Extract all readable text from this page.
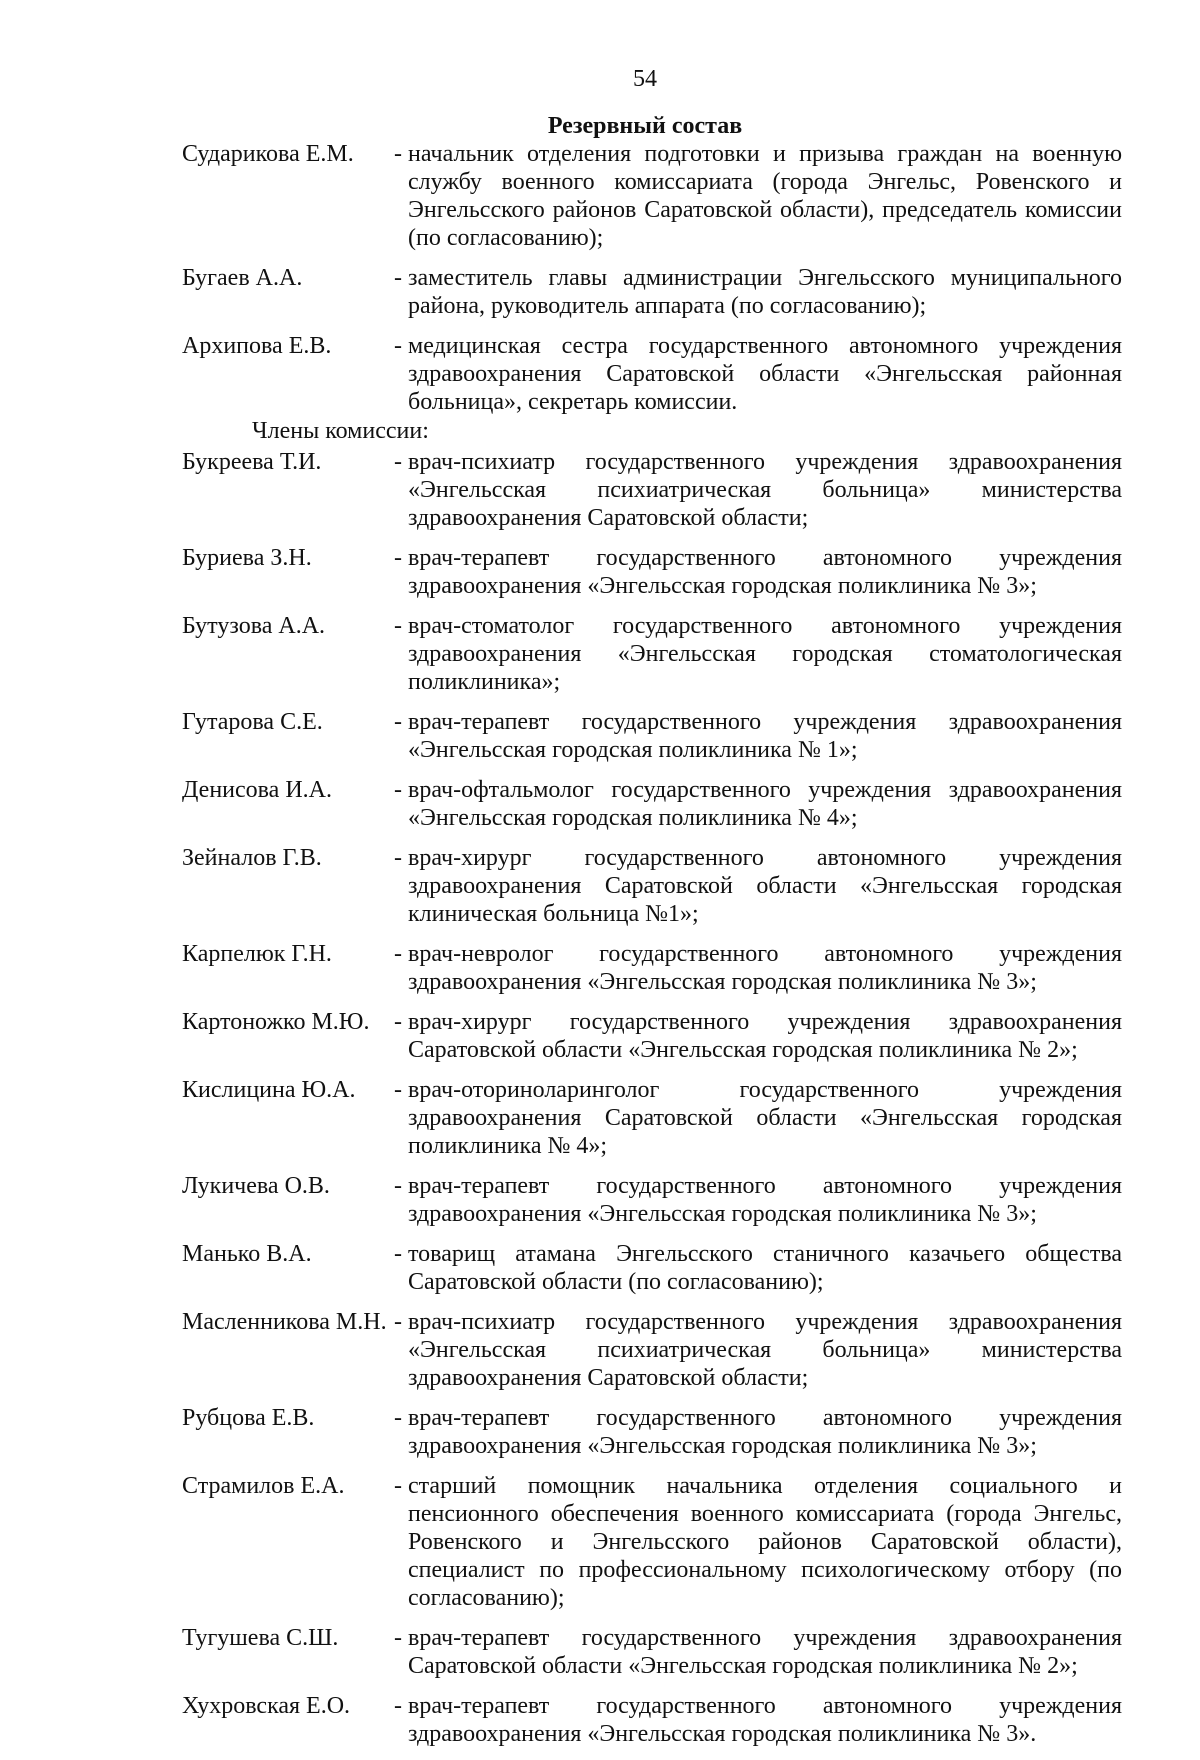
54
Резервный состав
Сударикова Е.М.	- начальник отделения подготовки и призыва граждан на военную службу военного комиссариата (города Энгельс, Ровенского и Энгельсского районов Саратовской области), председатель комиссии (по согласованию);
Бугаев А.А.	- заместитель главы администрации Энгельсского муниципального района, руководитель аппарата (по согласованию);
Архипова Е.В.	- медицинская сестра государственного автономного учреждения здравоохранения Саратовской области «Энгельсская районная больница», секретарь комиссии.
Члены комиссии:
Букреева Т.И.	- врач-психиатр государственного учреждения здравоохранения «Энгельсская психиатрическая больница» министерства здравоохранения Саратовской области;
Буриева З.Н.	- врач-терапевт государственного автономного учреждения здравоохранения «Энгельсская городская поликлиника № 3»;
Бутузова А.А.	- врач-стоматолог государственного автономного учреждения здравоохранения «Энгельсская городская стоматологическая поликлиника»;
Гутарова С.Е.	- врач-терапевт государственного учреждения здравоохранения «Энгельсская городская поликлиника № 1»;
Денисова И.А.	- врач-офтальмолог государственного учреждения здравоохранения «Энгельсская городская поликлиника № 4»;
Зейналов Г.В.	- врач-хирург государственного автономного учреждения здравоохранения Саратовской области «Энгельсская городская клиническая больница №1»;
Карпелюк Г.Н.	- врач-невролог государственного автономного учреждения здравоохранения «Энгельсская городская поликлиника № 3»;
Картоножко М.Ю.	- врач-хирург государственного учреждения здравоохранения Саратовской области «Энгельсская городская поликлиника № 2»;
Кислицина Ю.А.	- врач-оториноларинголог государственного учреждения здравоохранения Саратовской области «Энгельсская городская поликлиника № 4»;
Лукичева О.В.	- врач-терапевт государственного автономного учреждения здравоохранения «Энгельсская городская поликлиника № 3»;
Манько В.А.	- товарищ атамана Энгельсского станичного казачьего общества Саратовской области (по согласованию);
Масленникова М.Н. - врач-психиатр государственного учреждения здравоохранения «Энгельсская психиатрическая больница» министерства здравоохранения Саратовской области;
Рубцова Е.В.	- врач-терапевт государственного автономного учреждения здравоохранения «Энгельсская городская поликлиника № 3»;
Страмилов Е.А.	- старший помощник начальника отделения социального и пенсионного обеспечения военного комиссариата (города Энгельс, Ровенского и Энгельсского районов Саратовской области), специалист по профессиональному психологическому отбору (по согласованию);
Тугушева С.Ш.	- врач-терапевт государственного учреждения здравоохранения Саратовской области «Энгельсская городская поликлиника № 2»;
Хухровская Е.О.	- врач-терапевт государственного автономного учреждения здравоохранения «Энгельсская городская поликлиника № 3».
